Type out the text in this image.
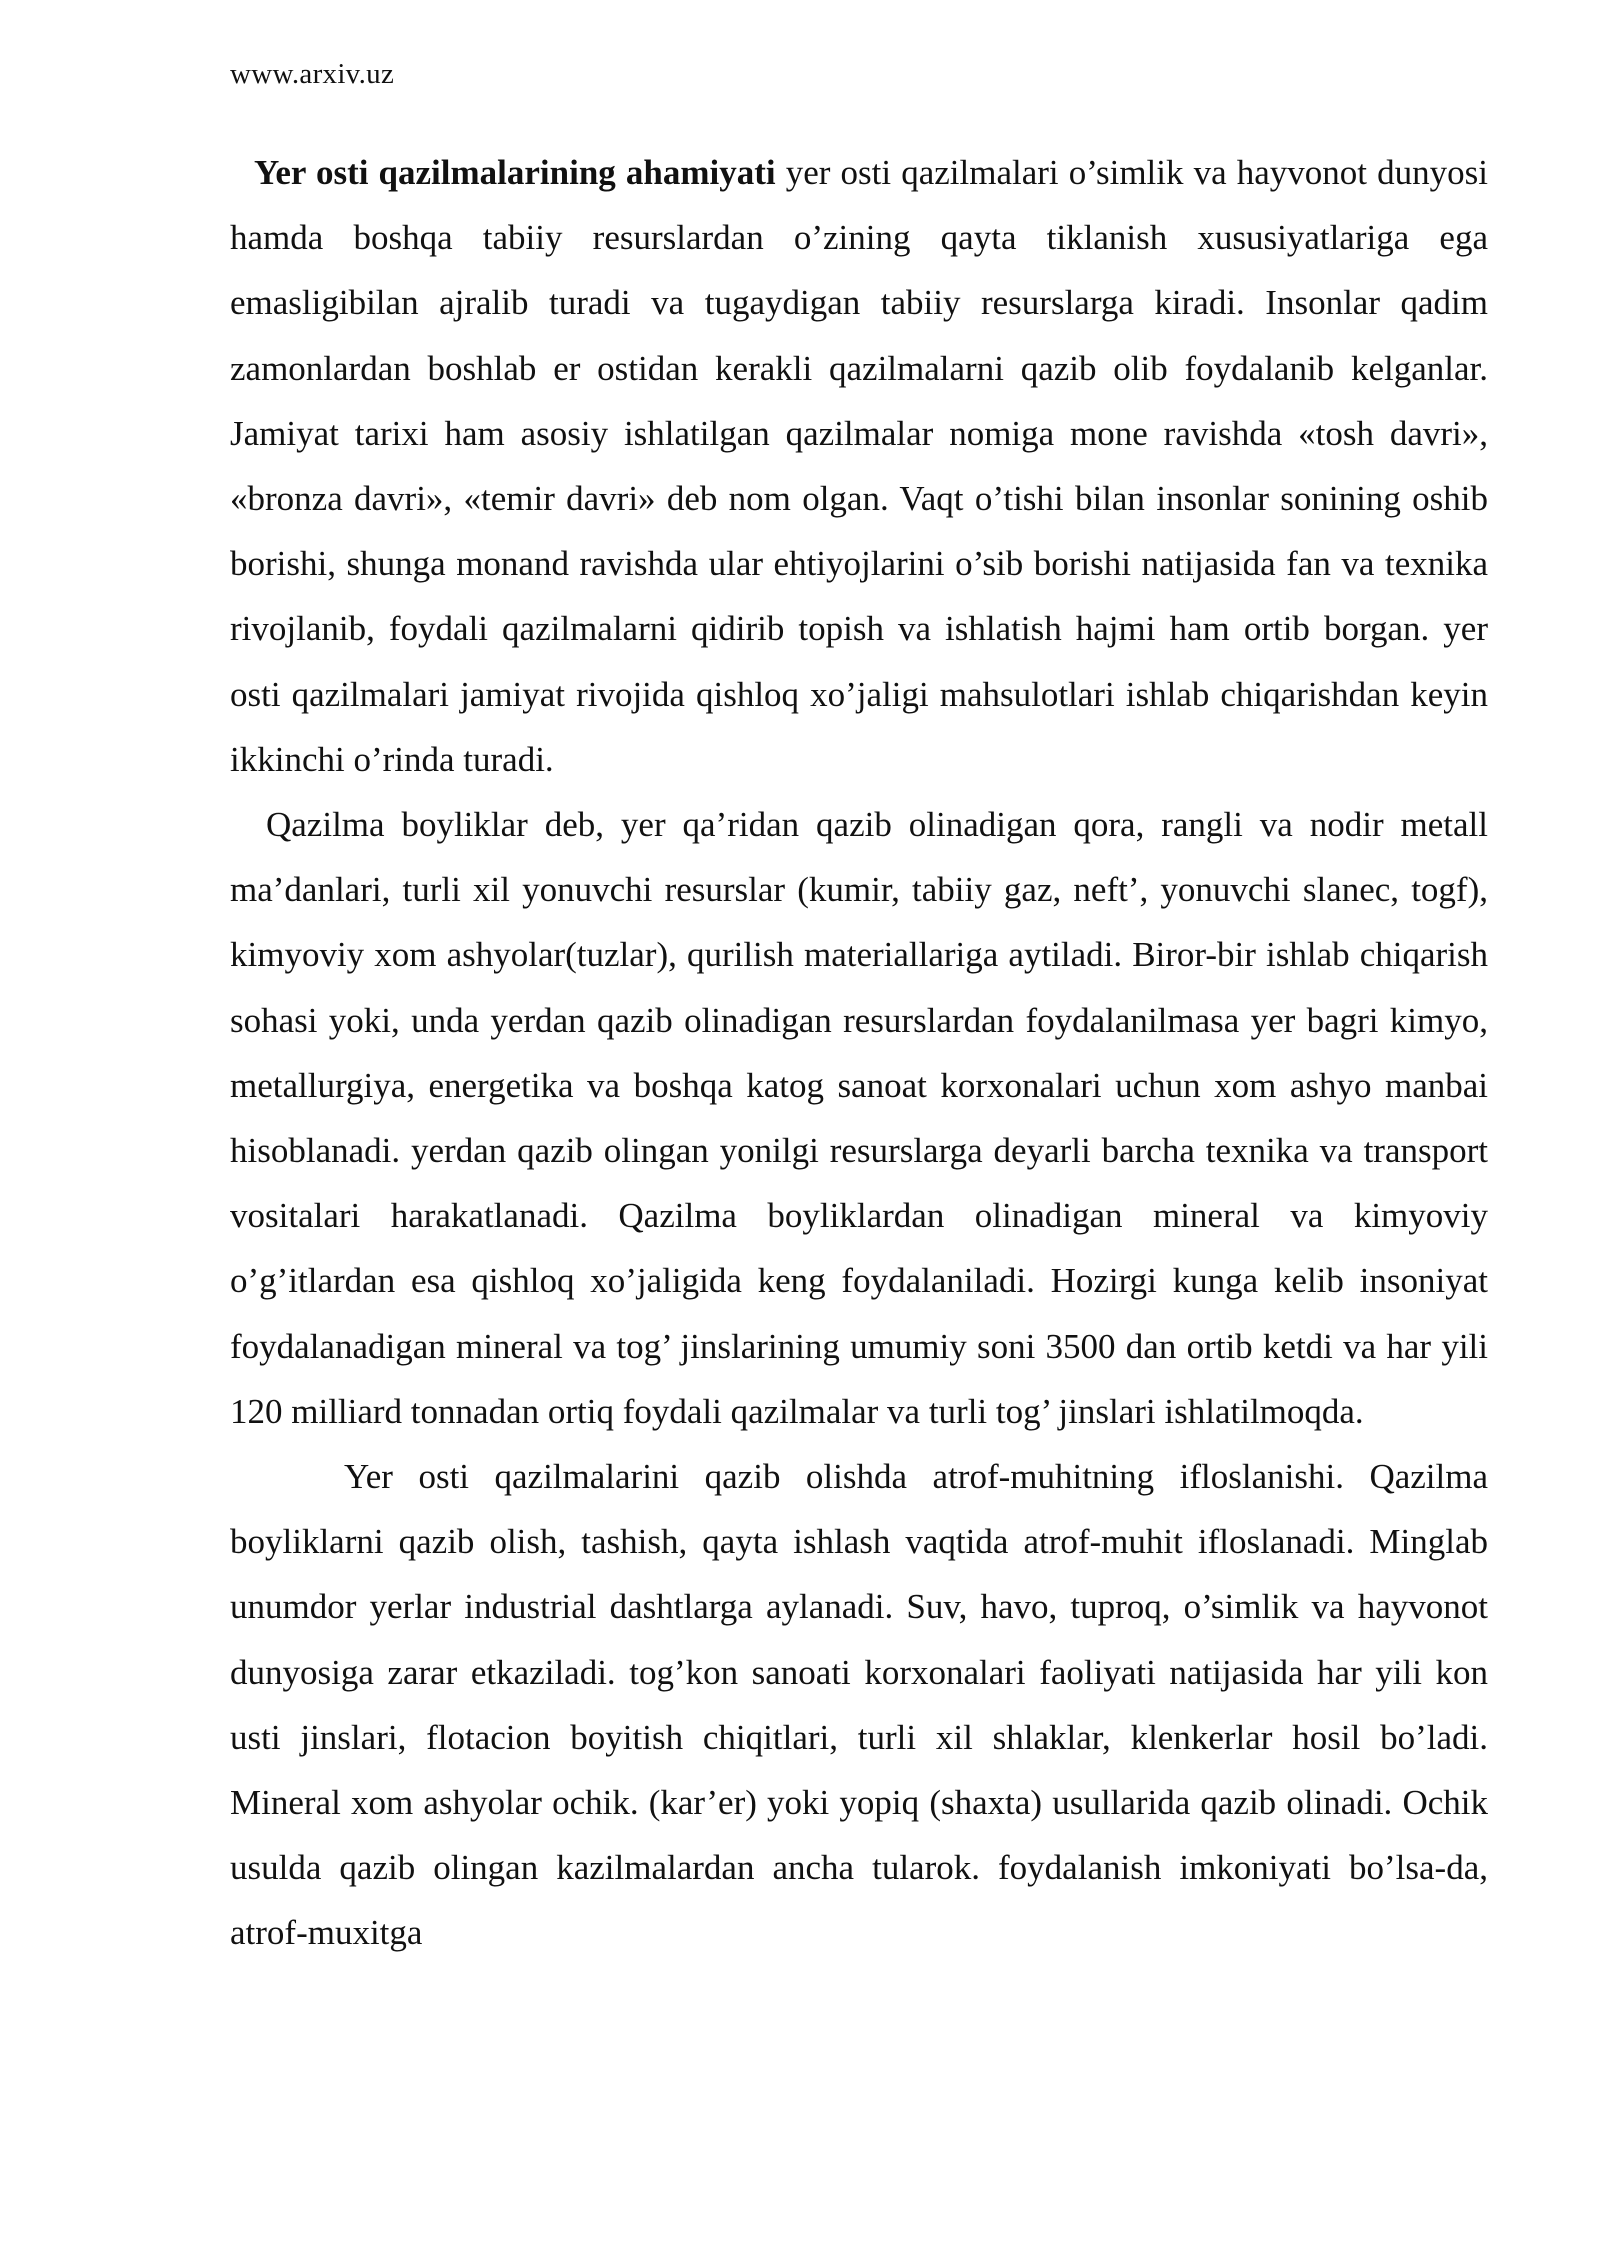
www.arxiv.uz

Yer osti qazilmalarining ahamiyati yer osti qazilmalari o’simlik va hayvonot dunyosi hamda boshqa tabiiy resurslardan o’zining qayta tiklanish xususiyatlariga ega emasligibilan ajralib turadi va tugaydigan tabiiy resurslarga kiradi. Insonlar qadim zamonlardan boshlab er ostidan kerakli qazilmalarni qazib olib foydalanib kelganlar. Jamiyat tarixi ham asosiy ishlatilgan qazilmalar nomiga mone ravishda «tosh davri», «bronza davri», «temir davri» deb nom olgan. Vaqt o’tishi bilan insonlar sonining oshib borishi, shunga monand ravishda ular ehtiyojlarini o’sib borishi natijasida fan va texnika rivojlanib, foydali qazilmalarni qidirib topish va ishlatish hajmi ham ortib borgan. yer osti qazilmalari jamiyat rivojida qishloq xo’jaligi mahsulotlari ishlab chiqarishdan keyin ikkinchi o’rinda turadi.

Qazilma boyliklar deb, yer qa’ridan qazib olinadigan qora, rangli va nodir metall ma’danlari, turli xil yonuvchi resurslar (kumir, tabiiy gaz, neft’, yonuvchi slanec, togf), kimyoviy xom ashyolar(tuzlar), qurilish materiallariga aytiladi. Biror-bir ishlab chiqarish sohasi yoki, unda yerdan qazib olinadigan resurslardan foydalanilmasa yer bagri kimyo, metallurgiya, energetika va boshqa katog sanoat korxonalari uchun xom ashyo manbai hisoblanadi. yerdan qazib olingan yonilgi resurslarga deyarli barcha texnika va transport vositalari harakatlanadi. Qazilma boyliklardan olinadigan mineral va kimyoviy o’g’itlardan esa qishloq xo’jaligida keng foydalaniladi. Hozirgi kunga kelib insoniyat foydalanadigan mineral va tog’ jinslarining umumiy soni 3500 dan ortib ketdi va har yili 120 milliard tonnadan ortiq foydali qazilmalar va turli tog’ jinslari ishlatilmoqda.

Yer osti qazilmalarini qazib olishda atrof-muhitning ifloslanishi. Qazilma boyliklarni qazib olish, tashish, qayta ishlash vaqtida atrof-muhit ifloslanadi. Minglab unumdor yerlar industrial dashtlarga aylanadi. Suv, havo, tuproq, o’simlik va hayvonot dunyosiga zarar etkaziladi. tog’kon sanoati korxonalari faoliyati natijasida har yili kon usti jinslari, flotacion boyitish chiqitlari, turli xil shlaklar, klenkerlar hosil bo’ladi. Mineral xom ashyolar ochik. (kar’er) yoki yopiq (shaxta) usullarida qazib olinadi. Ochik usulda qazib olingan kazilmalardan ancha tularok. foydalanish imkoniyati bo’lsa-da, atrof-muxitga
